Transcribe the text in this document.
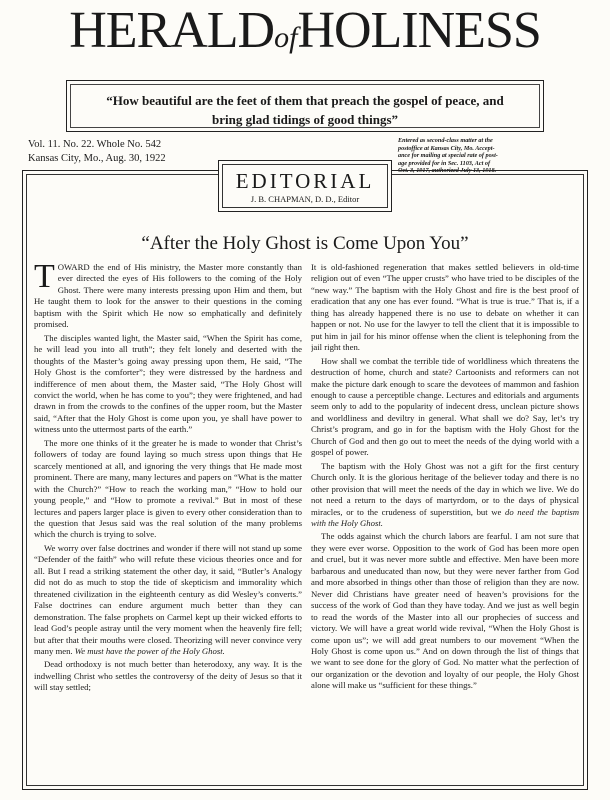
HERALDofHOLINESS
“How beautiful are the feet of them that preach the gospel of peace, and
bring glad tidings of good things”
Vol. 11. No. 22. Whole No. 542
Kansas City, Mo., Aug. 30, 1922
Entered as second-class matter at the
postoffice at Kansas City, Mo. Accept-
ance for mailing at special rate of post-
age provided for in Sec. 1103, Act of
Oct. 3, 1917, authorized July 13, 1918.
EDITORIAL
J. B. CHAPMAN, D. D., Editor
“After the Holy Ghost is Come Upon You”

TOWARD the end of His ministry, the Master more constantly than ever directed the eyes of His followers to the coming of the Holy Ghost. There were many interests pressing upon Him and them, but He taught them to look for the answer to their questions in the coming baptism with the Spirit which He now so emphatically and definitely promised.

The disciples wanted light, the Master said, “When the Spirit has come, he will lead you into all truth”; they felt lonely and deserted with the thoughts of the Master’s going away pressing upon them, He said, “The Holy Ghost is the comforter”; they were distressed by the hardness and indifference of men about them, the Master said, “The Holy Ghost will convict the world, when he has come to you”; they were frightened, and had drawn in from the crowds to the confines of the upper room, but the Master said, “After that the Holy Ghost is come upon you, ye shall have power to witness unto the uttermost parts of the earth.”

The more one thinks of it the greater he is made to wonder that Christ’s followers of today are found laying so much stress upon things that He scarcely mentioned at all, and ignoring the very things that He made most prominent. There are many, many lectures and papers on “What is the matter with the Church?” “How to reach the working man,” “How to hold our young people,” and “How to promote a revival.” But in most of these lectures and papers larger place is given to every other consideration than to the question that Jesus said was the real solution of the many problems which the church is trying to solve.

We worry over false doctrines and wonder if there will not stand up some “Defender of the faith” who will refute these vicious theories once and for all. But I read a striking statement the other day, it said, “Butler’s Analogy did not do as much to stop the tide of skepticism and immorality which threatened civilization in the eighteenth century as did Wesley’s converts.” False doctrines can endure argument much better than they can demonstration. The false prophets on Carmel kept up their wicked efforts to lead God’s people astray until the very moment when the heavenly fire fell; but after that their mouths were closed. Theorizing will never convince very many men. We must have the power of the Holy Ghost.

Dead orthodoxy is not much better than heterodoxy, any way. It is the indwelling Christ who settles the controversy of the deity of Jesus so that it will stay settled;

It is old-fashioned regeneration that makes settled believers in old-time religion out of even “The upper crusts” who have tried to be disciples of the “new way.” The baptism with the Holy Ghost and fire is the best proof of eradication that any one has ever found. “What is true is true.” That is, if a thing has already happened there is no use to debate on whether it can happen or not. No use for the lawyer to tell the client that it is impossible to put him in jail for his minor offense when the client is telephoning from the jail right then.

How shall we combat the terrible tide of worldliness which threatens the destruction of home, church and state? Cartoonists and reformers can not make the picture dark enough to scare the devotees of mammon and fashion enough to cause a perceptible change. Lectures and editorials and arguments seem only to add to the popularity of indecent dress, unclean picture shows and worldliness and deviltry in general. What shall we do? Say, let’s try Christ’s program, and go in for the baptism with the Holy Ghost for the Church of God and then go out to meet the needs of the dying world with a gospel of power.

The baptism with the Holy Ghost was not a gift for the first century Church only. It is the glorious heritage of the believer today and there is no other provision that will meet the needs of the day in which we live. We do not need a return to the days of martyrdom, or to the days of physical miracles, or to the crudeness of superstition, but we do need the baptism with the Holy Ghost.

The odds against which the church labors are fearful. I am not sure that they were ever worse. Opposition to the work of God has been more open and cruel, but it was never more subtle and effective. Men have been more barbarous and uneducated than now, but they were never farther from God and more absorbed in things other than those of religion than they are now. Never did Christians have greater need of heaven’s provisions for the success of the work of God than they have today. And we just as well begin to read the words of the Master into all our prophecies of success and victory. We will have a great world wide revival, “When the Holy Ghost is come upon us”; we will add great numbers to our movement “When the Holy Ghost is come upon us.” And on down through the list of things that we want to see done for the glory of God. No matter what the perfection of our organization or the devotion and loyalty of our people, the Holy Ghost alone will make us “sufficient for these things.”
